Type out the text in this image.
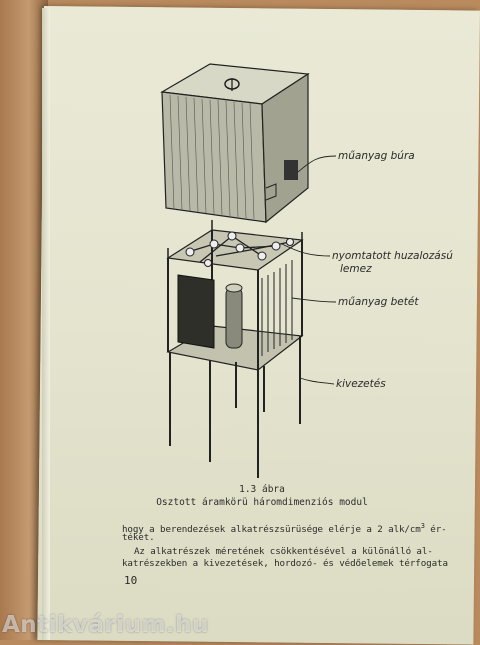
műanyag búra
nyomtatott huzalozású
lemez
műanyag betét
kivezetés
1.3 ábra
Osztott áramkörü háromdimenziós modul
hogy a berendezések alkatrészsürüsége elérje a 2 alk/$cm^3$ ér-
téket.
Az alkatrészek méretének csökkentésével a különálló al-
katrészekben a kivezetések, hordozó- és védőelemek térfogata
10
Antikvárium.hu
